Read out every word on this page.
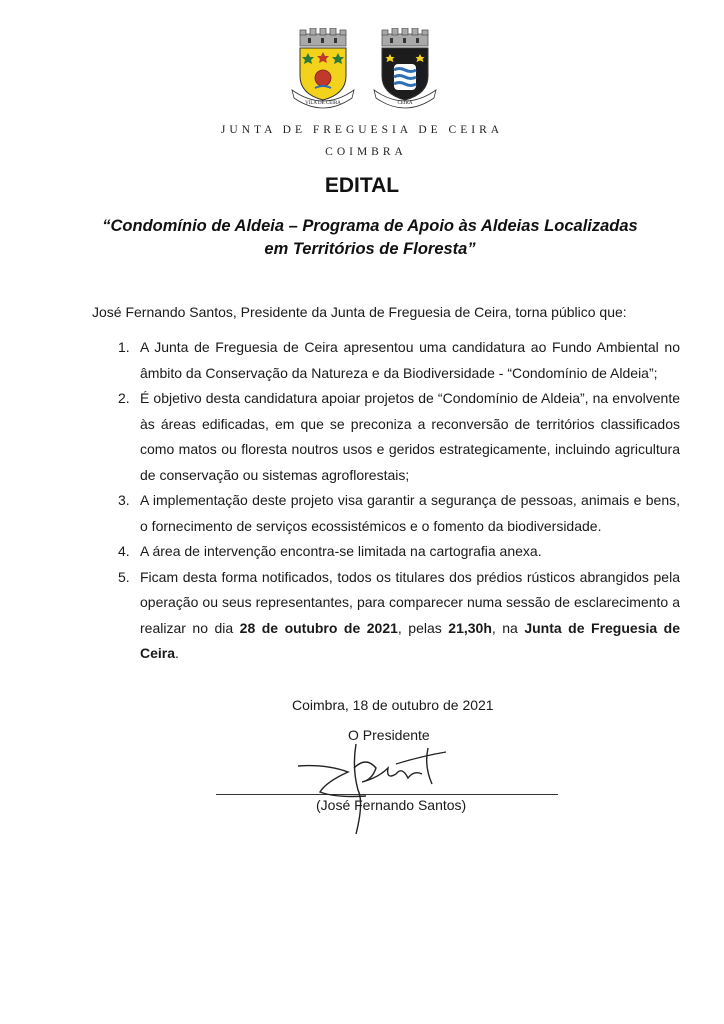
VILA DE CEIRA	CEIRA
JUNTA DE FREGUESIA DE CEIRA
COIMBRA
EDITAL
“Condomínio de Aldeia – Programa de Apoio às Aldeias Localizadas
em Territórios de Floresta”
José Fernando Santos, Presidente da Junta de Freguesia de Ceira, torna público que:
1. A Junta de Freguesia de Ceira apresentou uma candidatura ao Fundo Ambiental no âmbito da Conservação da Natureza e da Biodiversidade - “Condomínio de Aldeia”;
2. É objetivo desta candidatura apoiar projetos de “Condomínio de Aldeia”, na envolvente às áreas edificadas, em que se preconiza a reconversão de territórios classificados como matos ou floresta noutros usos e geridos estrategicamente, incluindo agricultura de conservação ou sistemas agroflorestais;
3. A implementação deste projeto visa garantir a segurança de pessoas, animais e bens, o fornecimento de serviços ecossistémicos e o fomento da biodiversidade.
4. A área de intervenção encontra-se limitada na cartografia anexa.
5. Ficam desta forma notificados, todos os titulares dos prédios rústicos abrangidos pela operação ou seus representantes, para comparecer numa sessão de esclarecimento a realizar no dia 28 de outubro de 2021, pelas 21,30h, na Junta de Freguesia de Ceira.
Coimbra, 18 de outubro de 2021
O Presidente
(José Fernando Santos)
